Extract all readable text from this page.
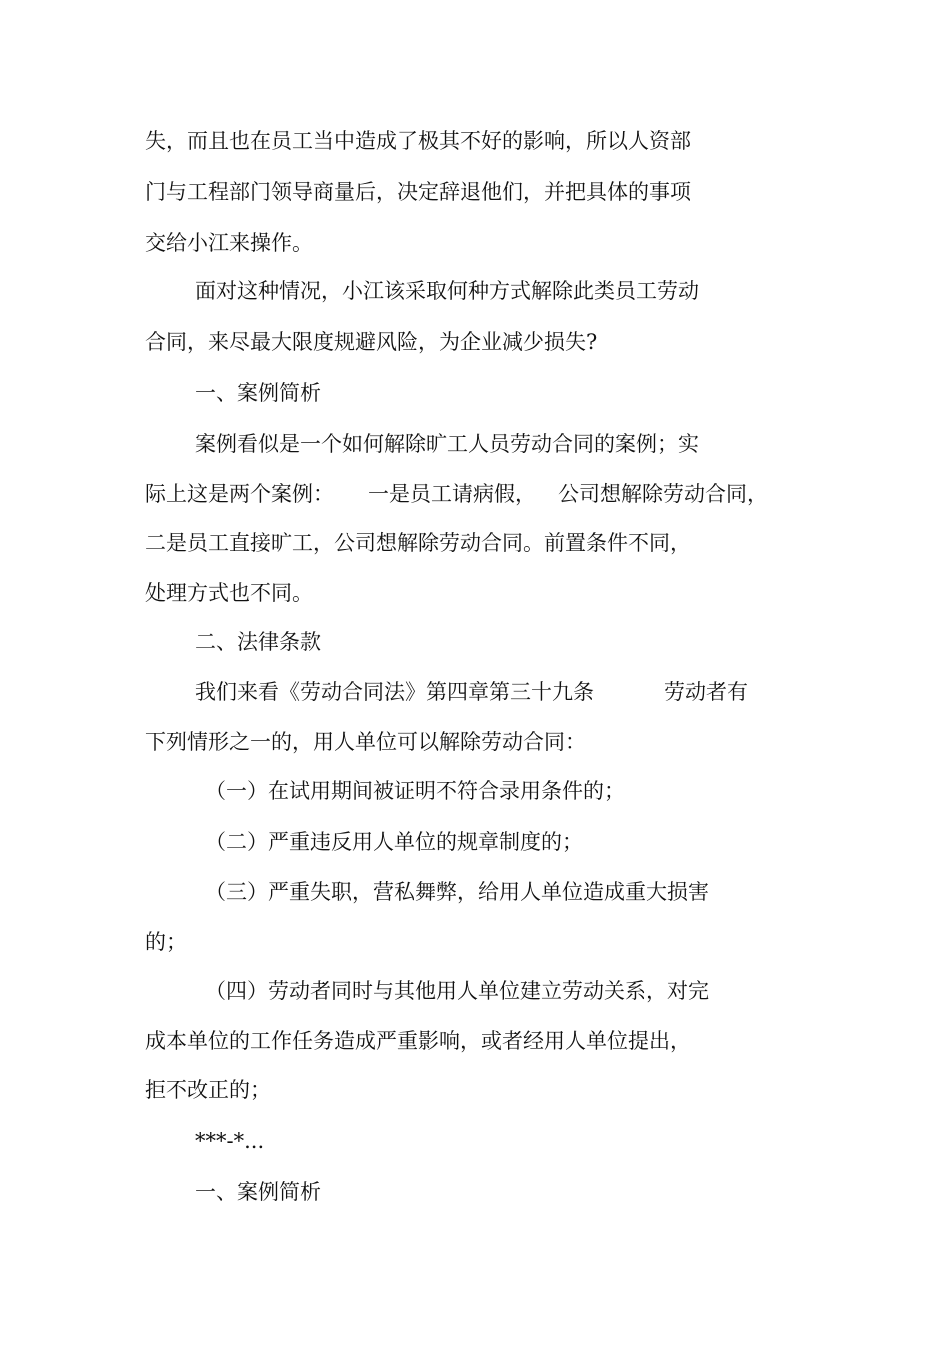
失，而且也在员工当中造成了极其不好的影响，所以人资部
门与工程部门领导商量后，决定辞退他们，并把具体的事项
交给小江来操作。
面对这种情况，小江该采取何种方式解除此类员工劳动
合同，来尽最大限度规避风险，为企业减少损失?
一、案例简析
案例看似是一个如何解除旷工人员劳动合同的案例；实
际上这是两个案例： 一是员工请病假， 公司想解除劳动合同，
二是员工直接旷工，公司想解除劳动合同。前置条件不同，
处理方式也不同。
二、法律条款
我们来看《劳动合同法》第四章第三十九条	劳动者有
下列情形之一的，用人单位可以解除劳动合同：
（一）在试用期间被证明不符合录用条件的；
（二）严重违反用人单位的规章制度的；
（三）严重失职，营私舞弊，给用人单位造成重大损害
的；
（四）劳动者同时与其他用人单位建立劳动关系，对完
成本单位的工作任务造成严重影响，或者经用人单位提出，
拒不改正的；
***-*...
一、案例简析
